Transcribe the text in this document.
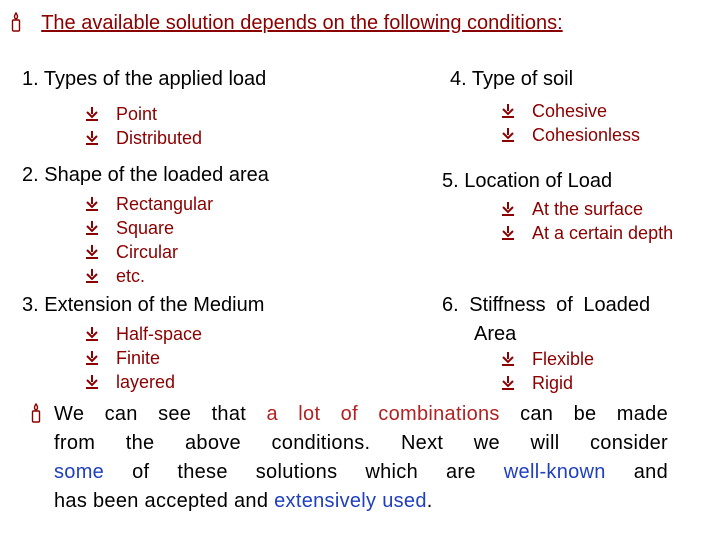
The available solution depends on the following conditions:
1. Types of the applied load
Point
Distributed
2. Shape of the loaded area
Rectangular
Square
Circular
etc.
3. Extension of the Medium
Half-space
Finite
layered
4. Type of soil
Cohesive
Cohesionless
5. Location of Load
At the surface
At a certain depth
6. Stiffness of Loaded
Area
Flexible
Rigid
We can see that a lot of combinations can be made
from the above conditions. Next we will consider
some of these solutions which are well-known and
has been accepted and extensively used.
